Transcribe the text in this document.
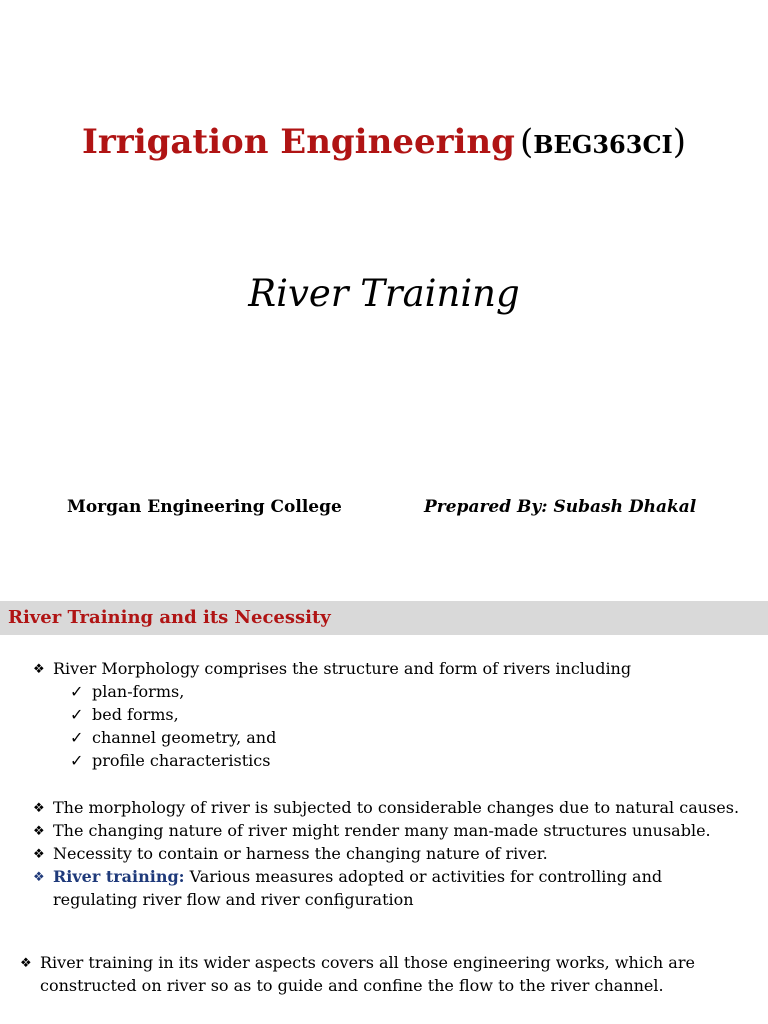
Irrigation Engineering (BEG363CI)
River Training
Morgan Engineering College	Prepared By: Subash Dhakal
River Training and its Necessity
❖ River Morphology comprises the structure and form of rivers including
✓ plan-forms,
✓ bed forms,
✓ channel geometry, and
✓ profile characteristics
❖ The morphology of river is subjected to considerable changes due to natural causes.
❖ The changing nature of river might render many man-made structures unusable.
❖ Necessity to contain or harness the changing nature of river.
❖ River training: Various measures adopted or activities for controlling and
regulating river flow and river configuration
❖ River training in its wider aspects covers all those engineering works, which are
constructed on river so as to guide and confine the flow to the river channel.
